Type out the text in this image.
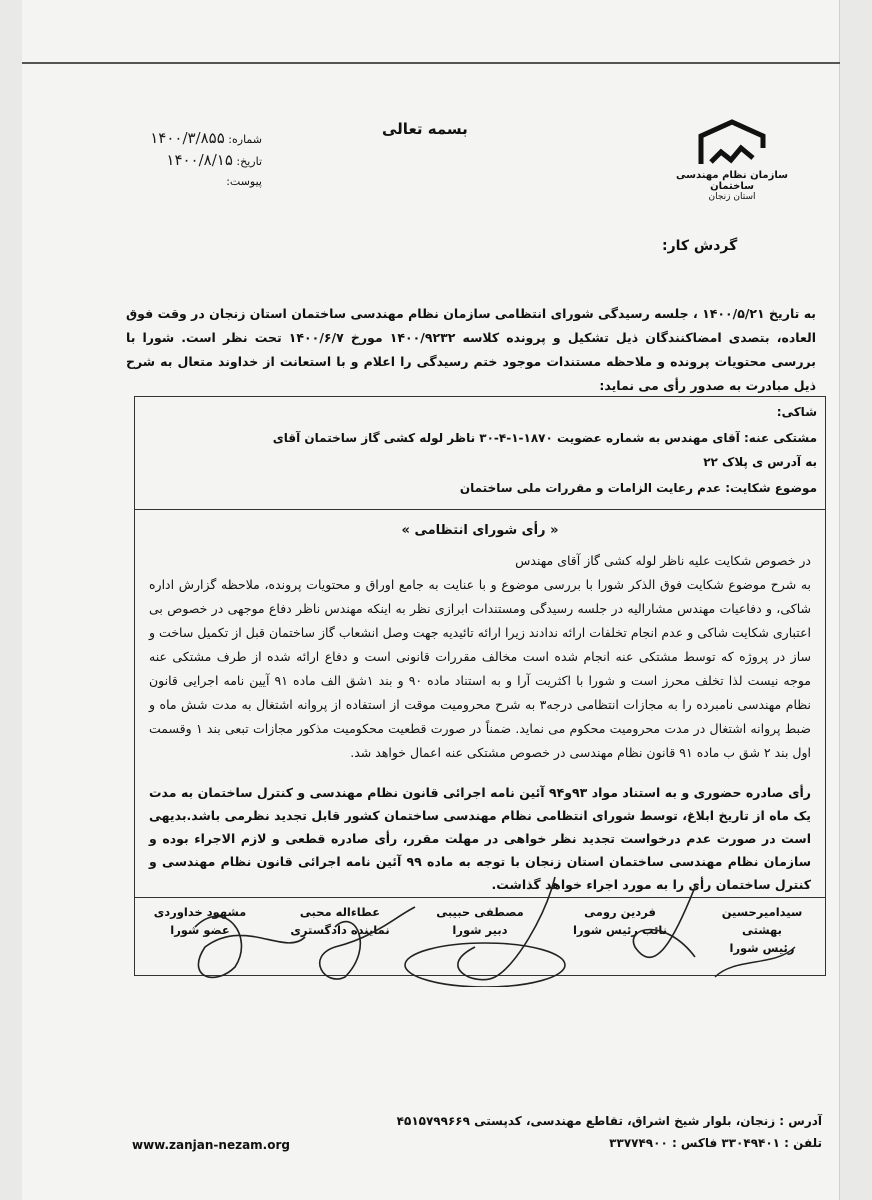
بسمه تعالی
شماره: ۱۴۰۰/۳/۸۵۵
تاریخ: ۱۴۰۰/۸/۱۵
پیوست:	سازمان نظام مهندسی ساختمان
استان زنجان
گردش کار:
به تاریخ ۱۴۰۰/۵/۲۱ ، جلسه رسیدگی شورای انتظامی سازمان نظام مهندسی ساختمان استان زنجان در وقت فوق العاده، بتصدی امضاکنندگان ذیل تشکیل و پرونده کلاسه ۱۴۰۰/۹۲۳۲ مورخ ۱۴۰۰/۶/۷ تحت نظر است. شورا با بررسی محتویات پرونده و ملاحظه مستندات موجود ختم رسیدگی را اعلام و با استعانت از خداوند متعال به شرح ذیل مبادرت به صدور رأی می نماید:
شاکی:
مشتکی عنه: آقای مهندس به شماره عضویت ۱۸۷۰-۱-۴-۳۰ ناظر لوله کشی گاز ساختمان آقای
به آدرس ی پلاک ۲۲
موضوع شکایت: عدم رعایت الزامات و مقررات ملی ساختمان
« رأی شورای انتظامی »
در خصوص شکایت علیه ناظر لوله کشی گاز آقای مهندس
به شرح موضوع شکایت فوق الذکر شورا با بررسی موضوع و با عنایت به جامع اوراق و محتویات پرونده، ملاحظه گزارش اداره شاکی، و دفاعیات مهندس مشارالیه در جلسه رسیدگی ومستندات ابرازی نظر به اینکه مهندس ناظر دفاع موجهی در خصوص بی اعتباری شکایت شاکی و عدم انجام تخلفات ارائه ندادند زیرا ارائه تائیدیه جهت وصل انشعاب گاز ساختمان قبل از تکمیل ساخت و ساز در پروژه که توسط مشتکی عنه انجام شده است مخالف مقررات قانونی است و دفاع ارائه شده از طرف مشتکی عنه موجه نیست لذا تخلف محرز است و شورا با اکثریت آرا و به استناد ماده ۹۰ و بند ۱شق الف ماده ۹۱ آیین نامه اجرایی قانون نظام مهندسی نامبرده را به مجازات انتظامی درجه۳ به شرح محرومیت موقت از استفاده از پروانه اشتغال به مدت شش ماه و ضبط پروانه اشتغال در مدت محرومیت محکوم می نماید. ضمناً در صورت قطعیت محکومیت مذکور مجازات تبعی بند ۱ وقسمت اول بند ۲ شق ب ماده ۹۱ قانون نظام مهندسی در خصوص مشتکی عنه اعمال خواهد شد.
رأی صادره حضوری و به استناد مواد ۹۳و۹۴ آئین نامه اجرائی قانون نظام مهندسی و کنترل ساختمان به مدت یک ماه از تاریخ ابلاغ، توسط شورای انتظامی نظام مهندسی ساختمان کشور قابل تجدید نظرمی باشد.بدیهی است در صورت عدم درخواست تجدید نظر خواهی در مهلت مقرر، رأی صادره قطعی و لازم الاجراء بوده و سازمان نظام مهندسی ساختمان استان زنجان با توجه به ماده ۹۹ آئین نامه اجرائی قانون نظام مهندسی و کنترل ساختمان رأی را به مورد اجراء خواهد گذاشت.
سیدامیرحسین بهشتی
رئیس شورا
فردین رومی
نائب رئیس شورا
مصطفی حبیبی
دبیر شورا
عطاءاله محبی
نماینده دادگستری
مشهود خداوردی
عضو شورا
آدرس : زنجان، بلوار شیخ اشراق، تقاطع مهندسی، کدپستی ۴۵۱۵۷۹۹۶۶۹
تلفن : ۳۳۰۴۹۴۰۱ فاکس : ۳۳۷۷۴۹۰۰
www.zanjan-nezam.org
